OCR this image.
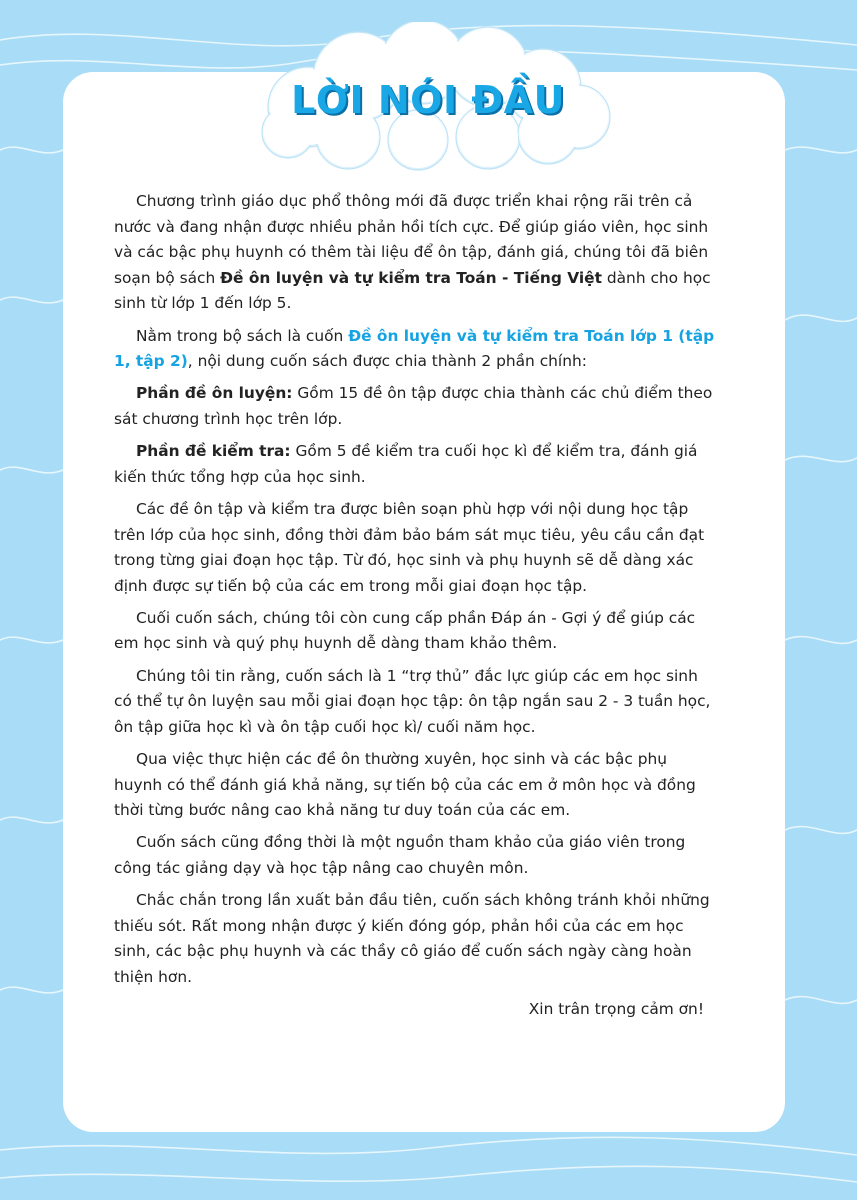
LỜI NÓI ĐẦU

Chương trình giáo dục phổ thông mới đã được triển khai rộng rãi trên cả nước và đang nhận được nhiều phản hồi tích cực. Để giúp giáo viên, học sinh và các bậc phụ huynh có thêm tài liệu để ôn tập, đánh giá, chúng tôi đã biên soạn bộ sách Đề ôn luyện và tự kiểm tra Toán - Tiếng Việt dành cho học sinh từ lớp 1 đến lớp 5.

Nằm trong bộ sách là cuốn Đề ôn luyện và tự kiểm tra Toán lớp 1 (tập 1, tập 2), nội dung cuốn sách được chia thành 2 phần chính:

Phần đề ôn luyện: Gồm 15 đề ôn tập được chia thành các chủ điểm theo sát chương trình học trên lớp.

Phần đề kiểm tra: Gồm 5 đề kiểm tra cuối học kì để kiểm tra, đánh giá kiến thức tổng hợp của học sinh.

Các đề ôn tập và kiểm tra được biên soạn phù hợp với nội dung học tập trên lớp của học sinh, đồng thời đảm bảo bám sát mục tiêu, yêu cầu cần đạt trong từng giai đoạn học tập. Từ đó, học sinh và phụ huynh sẽ dễ dàng xác định được sự tiến bộ của các em trong mỗi giai đoạn học tập.

Cuối cuốn sách, chúng tôi còn cung cấp phần Đáp án - Gợi ý để giúp các em học sinh và quý phụ huynh dễ dàng tham khảo thêm.

Chúng tôi tin rằng, cuốn sách là 1 “trợ thủ” đắc lực giúp các em học sinh có thể tự ôn luyện sau mỗi giai đoạn học tập: ôn tập ngắn sau 2 - 3 tuần học, ôn tập giữa học kì và ôn tập cuối học kì/ cuối năm học.

Qua việc thực hiện các đề ôn thường xuyên, học sinh và các bậc phụ huynh có thể đánh giá khả năng, sự tiến bộ của các em ở môn học và đồng thời từng bước nâng cao khả năng tư duy toán của các em.

Cuốn sách cũng đồng thời là một nguồn tham khảo của giáo viên trong công tác giảng dạy và học tập nâng cao chuyên môn.

Chắc chắn trong lần xuất bản đầu tiên, cuốn sách không tránh khỏi những thiếu sót. Rất mong nhận được ý kiến đóng góp, phản hồi của các em học sinh, các bậc phụ huynh và các thầy cô giáo để cuốn sách ngày càng hoàn thiện hơn.

Xin trân trọng cảm ơn!
